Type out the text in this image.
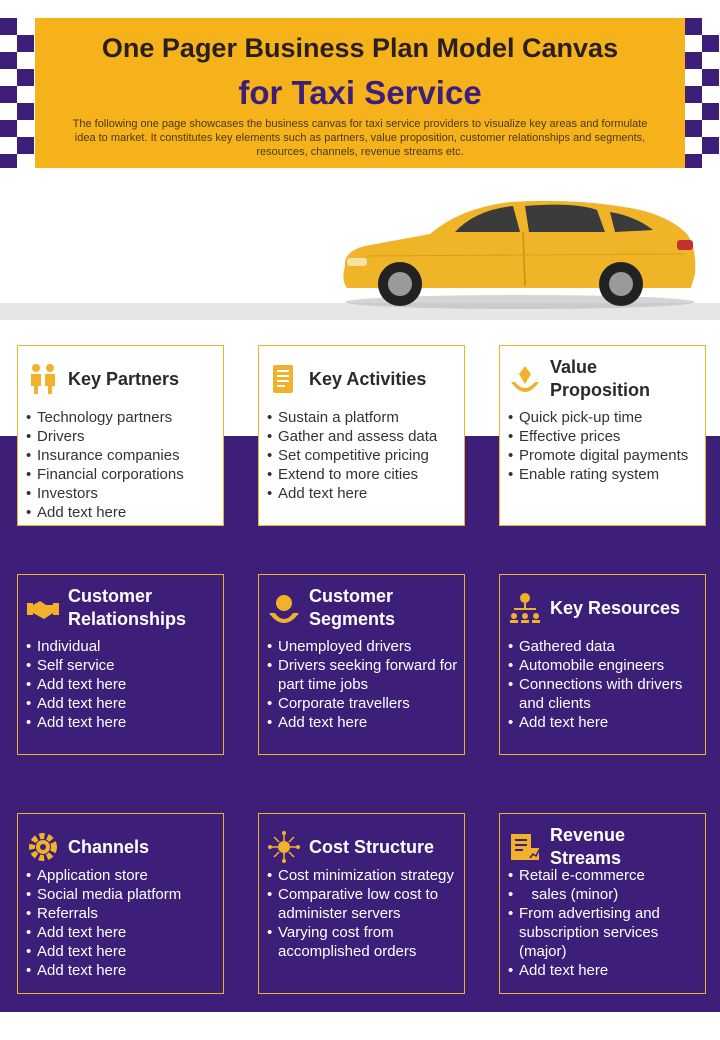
One Pager Business Plan Model Canvas
for Taxi Service
The following one page showcases the business canvas for taxi service providers to visualize key areas and formulate idea to market. It constitutes key elements such as partners, value proposition, customer relationships and segments, resources, channels, revenue streams etc.
Key Partners
• Technology partners
• Drivers
• Insurance companies
• Financial corporations
• Investors
• Add text here
Key Activities
• Sustain a platform
• Gather and assess data
• Set competitive pricing
• Extend to more cities
• Add text here
Value Proposition
• Quick pick-up time
• Effective prices
• Promote digital payments
• Enable rating system
Customer Relationships
• Individual
• Self service
• Add text here
• Add text here
• Add text here
Customer Segments
• Unemployed drivers
• Drivers seeking forward for part time jobs
• Corporate travellers
• Add text here
Key Resources
• Gathered data
• Automobile engineers
• Connections with drivers and clients
• Add text here
Channels
• Application store
• Social media platform
• Referrals
• Add text here
• Add text here
• Add text here
Cost Structure
• Cost minimization strategy
• Comparative low cost to administer servers
• Varying cost from accomplished orders
Revenue Streams
• Retail e-commerce
•    sales (minor)
• From advertising and subscription services (major)
• Add text here
